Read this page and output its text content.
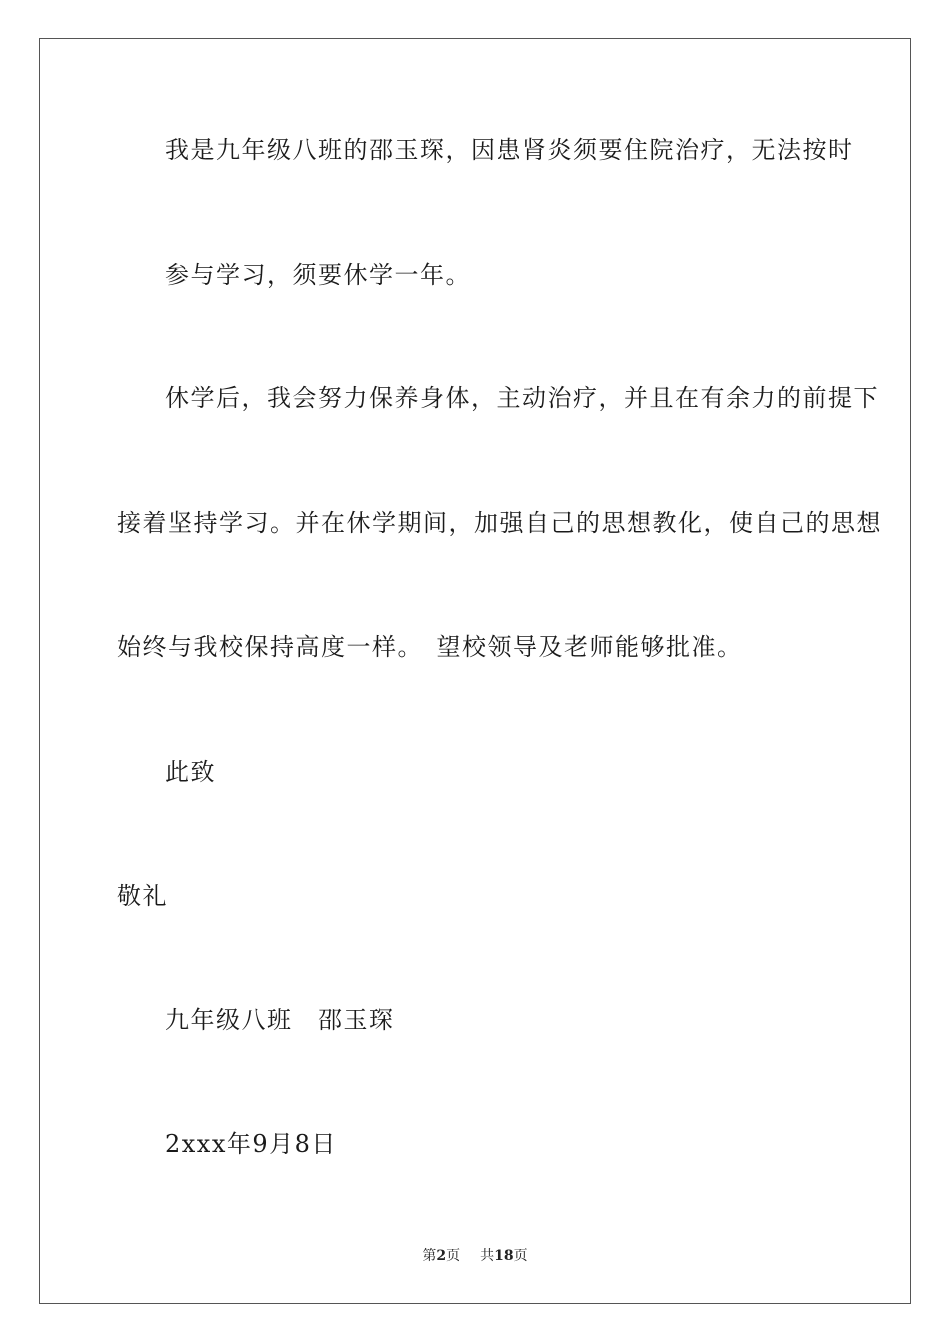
我是九年级八班的邵玉琛，因患肾炎须要住院治疗，无法按时
参与学习，须要休学一年。
休学后，我会努力保养身体，主动治疗，并且在有余力的前提下
接着坚持学习。并在休学期间，加强自己的思想教化，使自己的思想
始终与我校保持高度一样。　望校领导及老师能够批准。
此致
敬礼
九年级八班　邵玉琛
2xxx年9月8日
第2页 共18页
